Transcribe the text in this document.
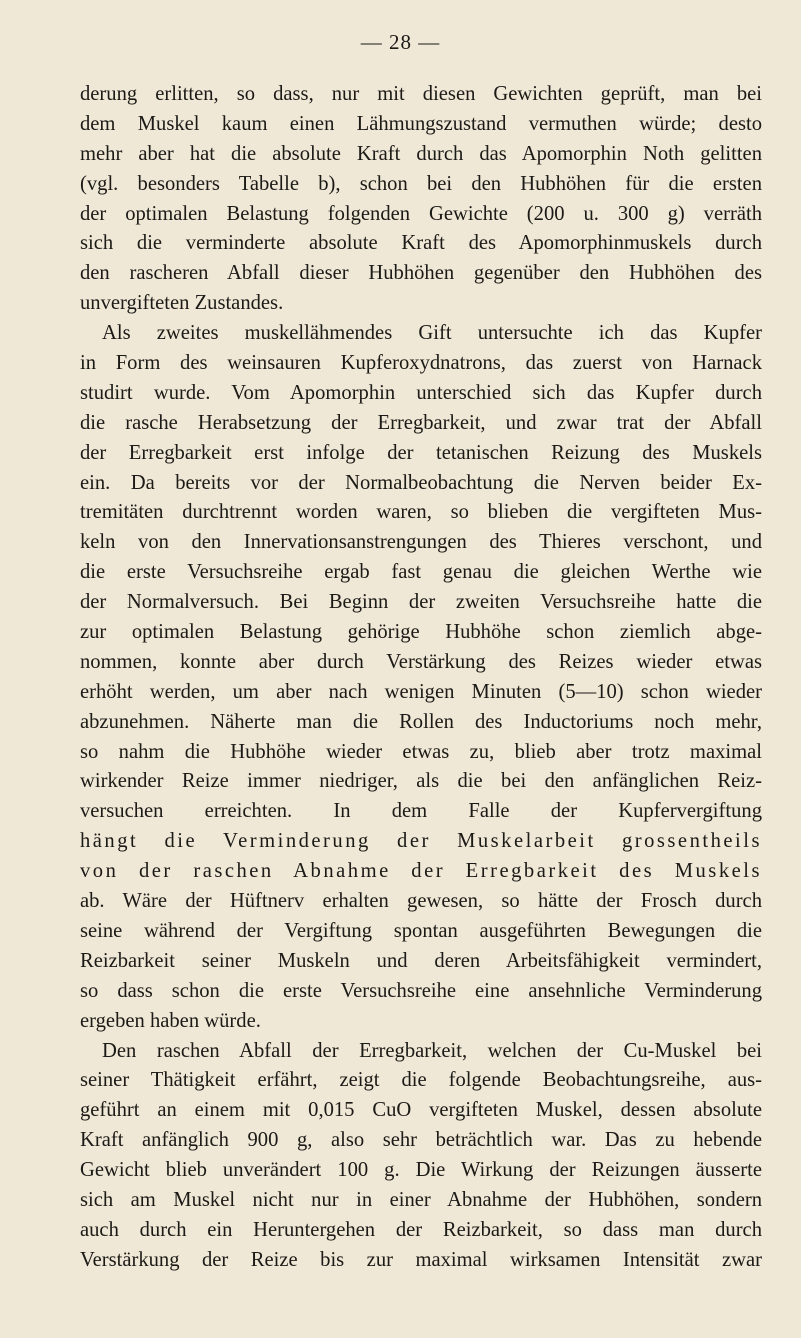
— 28 —
derung erlitten, so dass, nur mit diesen Gewichten geprüft, man bei
dem Muskel kaum einen Lähmungszustand vermuthen würde; desto
mehr aber hat die absolute Kraft durch das Apomorphin Noth gelitten
(vgl. besonders Tabelle b), schon bei den Hubhöhen für die ersten
der optimalen Belastung folgenden Gewichte (200 u. 300 g) verräth
sich die verminderte absolute Kraft des Apomorphinmuskels durch
den rascheren Abfall dieser Hubhöhen gegenüber den Hubhöhen des
unvergifteten Zustandes.
Als zweites muskellähmendes Gift untersuchte ich das Kupfer
in Form des weinsauren Kupferoxydnatrons, das zuerst von Harnack
studirt wurde. Vom Apomorphin unterschied sich das Kupfer durch
die rasche Herabsetzung der Erregbarkeit, und zwar trat der Abfall
der Erregbarkeit erst infolge der tetanischen Reizung des Muskels
ein. Da bereits vor der Normalbeobachtung die Nerven beider Ex-
tremitäten durchtrennt worden waren, so blieben die vergifteten Mus-
keln von den Innervationsanstrengungen des Thieres verschont, und
die erste Versuchsreihe ergab fast genau die gleichen Werthe wie
der Normalversuch. Bei Beginn der zweiten Versuchsreihe hatte die
zur optimalen Belastung gehörige Hubhöhe schon ziemlich abge-
nommen, konnte aber durch Verstärkung des Reizes wieder etwas
erhöht werden, um aber nach wenigen Minuten (5—10) schon wieder
abzunehmen. Näherte man die Rollen des Inductoriums noch mehr,
so nahm die Hubhöhe wieder etwas zu, blieb aber trotz maximal
wirkender Reize immer niedriger, als die bei den anfänglichen Reiz-
versuchen erreichten. In dem Falle der Kupfervergiftung
hängt die Verminderung der Muskelarbeit grossentheils
von der raschen Abnahme der Erregbarkeit des Muskels
ab. Wäre der Hüftnerv erhalten gewesen, so hätte der Frosch durch
seine während der Vergiftung spontan ausgeführten Bewegungen die
Reizbarkeit seiner Muskeln und deren Arbeitsfähigkeit vermindert,
so dass schon die erste Versuchsreihe eine ansehnliche Verminderung
ergeben haben würde.
Den raschen Abfall der Erregbarkeit, welchen der Cu-Muskel bei
seiner Thätigkeit erfährt, zeigt die folgende Beobachtungsreihe, aus-
geführt an einem mit 0,015 CuO vergifteten Muskel, dessen absolute
Kraft anfänglich 900 g, also sehr beträchtlich war. Das zu hebende
Gewicht blieb unverändert 100 g. Die Wirkung der Reizungen äusserte
sich am Muskel nicht nur in einer Abnahme der Hubhöhen, sondern
auch durch ein Heruntergehen der Reizbarkeit, so dass man durch
Verstärkung der Reize bis zur maximal wirksamen Intensität zwar
